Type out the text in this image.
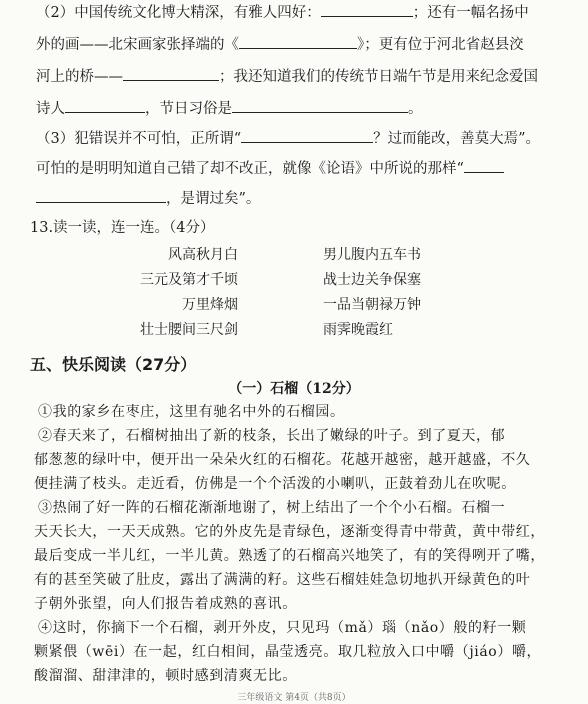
（2）中国传统文化博大精深，有雅人四好：	；还有一幅名扬中
外的画——北宋画家张择端的《	》；更有位于河北省赵县洨
河上的桥——	；我还知道我们的传统节日端午节是用来纪念爱国
诗人	，节日习俗是	。
（3）犯错误并不可怕，正所谓“	？过而能改，善莫大焉”。
可怕的是明明知道自己错了却不改正，就像《论语》中所说的那样“
，是谓过矣”。
13.读一读，连一连。（4分）
风高秋月白
三元及第才千顷
万里烽烟
壮士腰间三尺剑
男儿腹内五车书
战士边关争保塞
一品当朝禄万钟
雨霁晚霞红
五、快乐阅读（27分）
（一）石榴（12分）
①我的家乡在枣庄，这里有驰名中外的石榴园。
②春天来了，石榴树抽出了新的枝条，长出了嫩绿的叶子。到了夏天，郁
郁葱葱的绿叶中，便开出一朵朵火红的石榴花。花越开越密，越开越盛，不久
便挂满了枝头。走近看，仿佛是一个个活泼的小喇叭，正鼓着劲儿在吹呢。
③热闹了好一阵的石榴花渐渐地谢了，树上结出了一个个小石榴。石榴一
天天长大，一天天成熟。它的外皮先是青绿色，逐渐变得青中带黄，黄中带红，
最后变成一半儿红，一半儿黄。熟透了的石榴高兴地笑了，有的笑得咧开了嘴，
有的甚至笑破了肚皮，露出了满满的籽。这些石榴娃娃急切地扒开绿黄色的叶
子朝外张望，向人们报告着成熟的喜讯。
④这时，你摘下一个石榴，剥开外皮，只见玛（mǎ）瑙（nǎo）般的籽一颗
颗紧偎（wēi）在一起，红白相间，晶莹透亮。取几粒放入口中嚼（jiáo）嚼，
酸溜溜、甜津津的，顿时感到清爽无比。
三年级语文 第4页（共8页）
